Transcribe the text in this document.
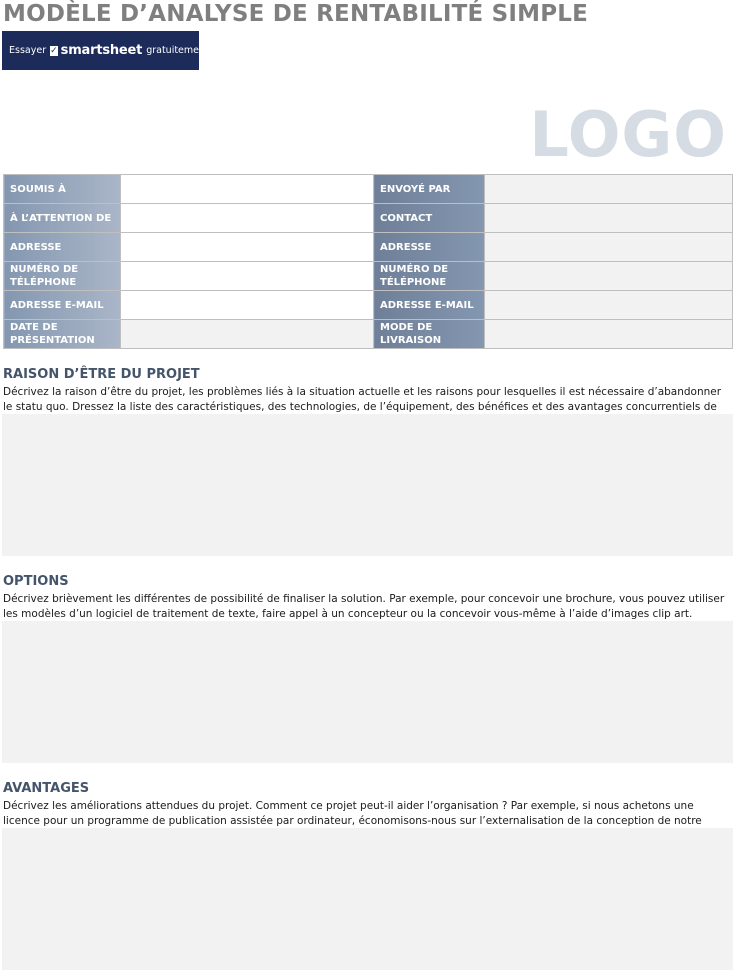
MODÈLE D’ANALYSE DE RENTABILITÉ SIMPLE
Essayer ✓ smartsheet gratuitement.
LOGO
SOUMIS À		ENVOYÉ PAR	
À L’ATTENTION DE		CONTACT	
ADRESSE		ADRESSE	
NUMÉRO DE TÉLÉPHONE		NUMÉRO DE TÉLÉPHONE	
ADRESSE E-MAIL		ADRESSE E-MAIL	
DATE DE PRÉSENTATION		MODE DE LIVRAISON	
RAISON D’ÊTRE DU PROJET

Décrivez la raison d’être du projet, les problèmes liés à la situation actuelle et les raisons pour lesquelles il est nécessaire d’abandonner le statu quo. Dressez la liste des caractéristiques, des technologies, de l’équipement, des bénéfices et des avantages concurrentiels de

OPTIONS

Décrivez brièvement les différentes de possibilité de finaliser la solution. Par exemple, pour concevoir une brochure, vous pouvez utiliser les modèles d’un logiciel de traitement de texte, faire appel à un concepteur ou la concevoir vous-même à l’aide d’images clip art.

AVANTAGES

Décrivez les améliorations attendues du projet. Comment ce projet peut-il aider l’organisation ? Par exemple, si nous achetons une licence pour un programme de publication assistée par ordinateur, économisons-nous sur l’externalisation de la conception de notre
